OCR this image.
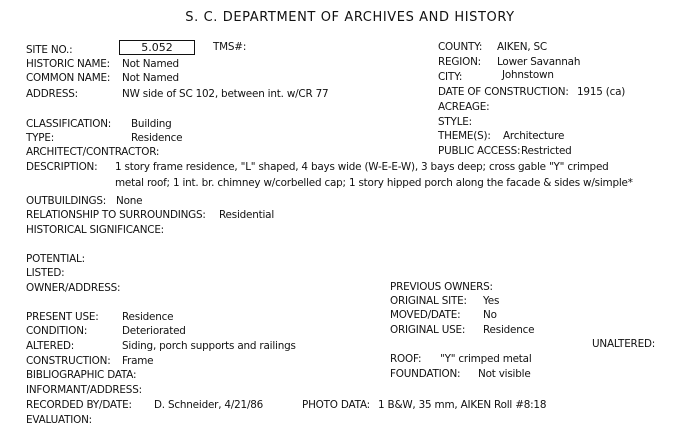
S. C. DEPARTMENT OF ARCHIVES AND HISTORY
SITE NO.:	5.052	TMS#:
HISTORIC NAME: Not Named
COMMON NAME: Not Named
ADDRESS:	NW side of SC 102, between int. w/CR 77
COUNTY: AIKEN, SC
REGION: Lower Savannah
CITY:	Johnstown
DATE OF CONSTRUCTION: 1915 (ca)
ACREAGE:
STYLE:
THEME(S): Architecture
PUBLIC ACCESS: Restricted
CLASSIFICATION: Building
TYPE:	Residence
ARCHITECT/CONTRACTOR:
DESCRIPTION: 1 story frame residence, "L" shaped, 4 bays wide (W-E-E-W), 3 bays deep; cross gable "Y" crimped
metal roof; 1 int. br. chimney w/corbelled cap; 1 story hipped porch along the facade & sides w/simple*
OUTBUILDINGS: None
RELATIONSHIP TO SURROUNDINGS: Residential
HISTORICAL SIGNIFICANCE:
POTENTIAL:
LISTED:
OWNER/ADDRESS:	PREVIOUS OWNERS:
ORIGINAL SITE: Yes
MOVED/DATE: No
ORIGINAL USE: Residence
PRESENT USE: Residence
CONDITION:	Deteriorated
ALTERED:	Siding, porch supports and railings	UNALTERED:
CONSTRUCTION: Frame	ROOF: "Y" crimped metal
BIBLIOGRAPHIC DATA:	FOUNDATION: Not visible
INFORMANT/ADDRESS:
RECORDED BY/DATE: D. Schneider, 4/21/86	PHOTO DATA: 1 B&W, 35 mm, AIKEN Roll #8:18
EVALUATION:
